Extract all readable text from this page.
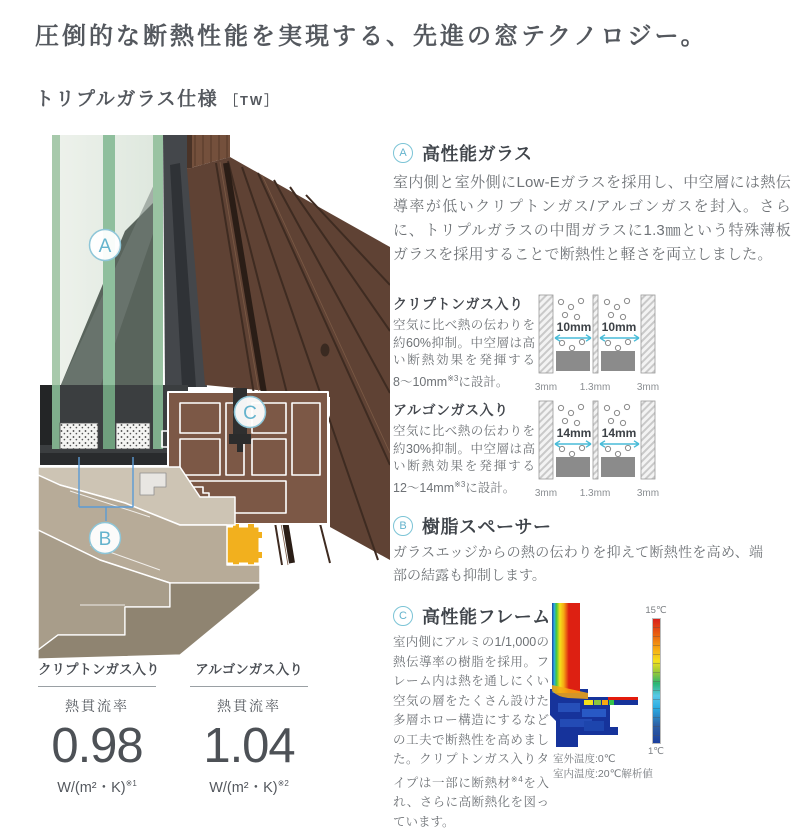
圧倒的な断熱性能を実現する、先進の窓テクノロジー。
トリプルガラス仕様 ［TW］
A
B
C
A 高性能ガラス

室内側と室外側にLow-Eガラスを採用し、中空層には熱伝導率が低いクリプトンガス/アルゴンガスを封入。さらに、トリプルガラスの中間ガラスに1.3㎜という特殊薄板ガラスを採用することで断熱性と軽さを両立しました。

クリプトンガス入り

空気に比べ熱の伝わりを約60%抑制。中空層は高い断熱効果を発揮する8〜10mm$^{※3}$に設計。

10mm 10mm
3mm 1.3mm	3mm
アルゴンガス入り

空気に比べ熱の伝わりを約30%抑制。中空層は高い断熱効果を発揮する12〜14mm$^{※3}$に設計。

14mm 14mm
3mm 1.3mm	3mm
B 樹脂スペーサー

ガラスエッジからの熱の伝わりを抑えて断熱性を高め、端部の結露も抑制します。

C 高性能フレーム

室内側にアルミの1/1,000の熱伝導率の樹脂を採用。フレーム内は熱を通しにくい空気の層をたくさん設けた多層ホロー構造にするなどの工夫で断熱性を高めました。クリプトンガス入りタイプは一部に断熱材$^{※4}$を入れ、さらに高断熱化を図っています。

15℃
1℃
室外温度:0℃
室内温度:20℃解析値
クリプトンガス入り
熱貫流率
0.98
W/(m²・K)$^{※1}$
アルゴンガス入り
熱貫流率
1.04
W/(m²・K)$^{※2}$
